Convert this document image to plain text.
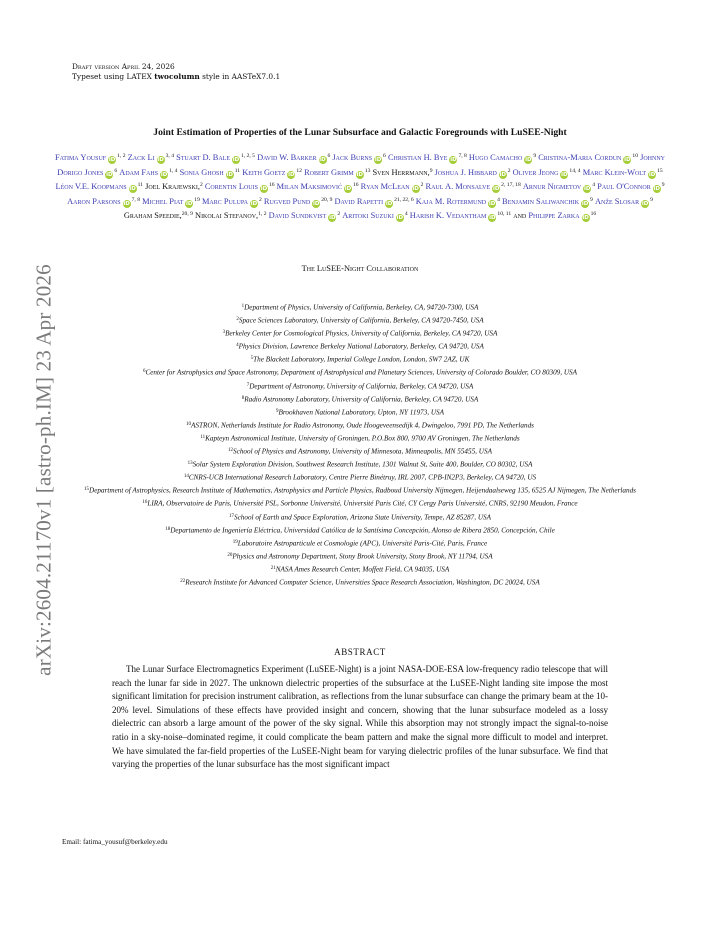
arXiv:2604.21170v1 [astro-ph.IM] 23 Apr 2026
Draft version April 24, 2026
Typeset using LATEX twocolumn style in AASTeX7.0.1
Joint Estimation of Properties of the Lunar Subsurface and Galactic Foregrounds with LuSEE-Night
Fatima Yousuf iD$^{1, 2}$ Zack Li iD$^{3, 4}$ Stuart D. Bale iD$^{1, 2, 5}$ David W. Barker iD$^6$ Jack Burns iD$^6$ Christian H. Bye iD$^{7, 8}$ Hugo Camacho iD$^9$ Cristina-Maria Cordun iD$^{10}$ Johnny Dorigo Jones iD$^6$ Adam Fahs iD$^{1, 4}$ Sonia Ghosh iD$^{11}$ Keith Goetz iD$^{12}$ Robert Grimm iD$^{13}$ Sven Herrmann,$^9$ Joshua J. Hibbard iD$^2$ Oliver Jeong iD$^{14, 4}$ Marc Klein-Wolt iD$^{15}$ Léon V.E. Koopmans iD$^{11}$ Joel Krajewski,$^2$ Corentin Louis iD$^{16}$ Milan Maksimović iD$^{16}$ Ryan McLean iD$^2$ Raul A. Monsalve iD$^{2, 17, 18}$ Arnur Nigmetov iD$^4$ Paul O'Connor iD$^9$ Aaron Parsons iD$^{7, 8}$ Michel Piat iD$^{19}$ Marc Pulupa iD$^2$ Rugved Pund iD$^{20, 9}$ David Rapetti iD$^{21, 22, 6}$ Kaja M. Rotermund iD$^4$ Benjamin Saliwanchik iD$^9$ Anže Slosar iD$^9$ Graham Speedie,$^{20, 9}$ Nikolai Stefanov,$^{1, 2}$ David Sundkvist iD$^2$ Aritoki Suzuki iD$^4$ Harish K. Vedantham iD$^{10, 11}$ and Philippe Zarka iD$^{16}$
The LuSEE-Night Collaboration
$^1$Department of Physics, University of California, Berkeley, CA, 94720-7300, USA
$^2$Space Sciences Laboratory, University of California, Berkeley, CA 94720-7450, USA
$^3$Berkeley Center for Cosmological Physics, University of California, Berkeley, CA 94720, USA
$^4$Physics Division, Lawrence Berkeley National Laboratory, Berkeley, CA 94720, USA
$^5$The Blackett Laboratory, Imperial College London, London, SW7 2AZ, UK
$^6$Center for Astrophysics and Space Astronomy, Department of Astrophysical and Planetary Sciences, University of Colorado Boulder, CO 80309, USA
$^7$Department of Astronomy, University of California, Berkeley, CA 94720, USA
$^8$Radio Astronomy Laboratory, University of California, Berkeley, CA 94720, USA
$^9$Brookhaven National Laboratory, Upton, NY 11973, USA
$^{10}$ASTRON, Netherlands Institute for Radio Astronomy, Oude Hoogeveensedijk 4, Dwingeloo, 7991 PD, The Netherlands
$^{11}$Kapteyn Astronomical Institute, University of Groningen, P.O.Box 800, 9700 AV Groningen, The Netherlands
$^{12}$School of Physics and Astronomy, University of Minnesota, Minneapolis, MN 55455, USA
$^{13}$Solar System Exploration Division, Southwest Research Institute, 1301 Walnut St, Suite 400, Boulder, CO 80302, USA
$^{14}$CNRS-UCB International Research Laboratory, Centre Pierre Binétruy, IRL 2007, CPB-IN2P3, Berkeley, CA 94720, US
$^{15}$Department of Astrophysics, Research Institute of Mathematics, Astrophysics and Particle Physics, Radboud University Nijmegen, Heijendaalseweg 135, 6525 AJ Nijmegen, The Netherlands
$^{16}$LIRA, Observatoire de Paris, Université PSL, Sorbonne Université, Université Paris Cité, CY Cergy Paris Université, CNRS, 92190 Meudon, France
$^{17}$School of Earth and Space Exploration, Arizona State University, Tempe, AZ 85287, USA
$^{18}$Departamento de Ingeniería Eléctrica, Universidad Católica de la Santísima Concepción, Alonso de Ribera 2850, Concepción, Chile
$^{19}$Laboratoire Astroparticule et Cosmologie (APC), Université Paris-Cité, Paris, France
$^{20}$Physics and Astronomy Department, Stony Brook University, Stony Brook, NY 11794, USA
$^{21}$NASA Ames Research Center, Moffett Field, CA 94035, USA
$^{22}$Research Institute for Advanced Computer Science, Universities Space Research Association, Washington, DC 20024, USA
ABSTRACT
The Lunar Surface Electromagnetics Experiment (LuSEE-Night) is a joint NASA-DOE-ESA low-frequency radio telescope that will reach the lunar far side in 2027. The unknown dielectric properties of the subsurface at the LuSEE-Night landing site impose the most significant limitation for precision instrument calibration, as reflections from the lunar subsurface can change the primary beam at the 10-20% level. Simulations of these effects have provided insight and concern, showing that the lunar subsurface modeled as a lossy dielectric can absorb a large amount of the power of the sky signal. While this absorption may not strongly impact the signal-to-noise ratio in a sky-noise–dominated regime, it could complicate the beam pattern and make the signal more difficult to model and interpret. We have simulated the far-field properties of the LuSEE-Night beam for varying dielectric profiles of the lunar subsurface. We find that varying the properties of the lunar subsurface has the most significant impact
Email: fatima_yousuf@berkeley.edu
